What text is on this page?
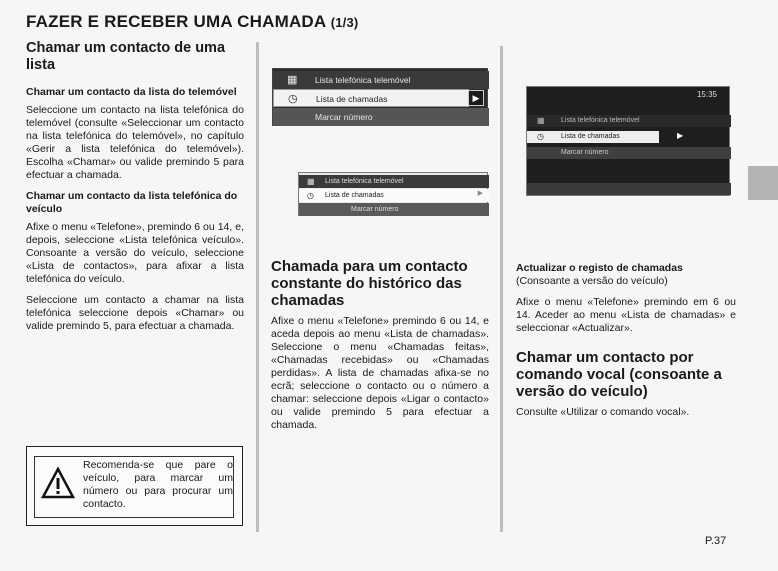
FAZER E RECEBER UMA CHAMADA (1/3)
Chamar um contacto de uma lista
Chamar um contacto da lista do telemóvel

Seleccione um contacto na lista telefónica do telemóvel (consulte «Seleccionar um contacto na lista telefónica do telemóvel», no capítulo «Gerir a lista telefónica do telemóvel»). Escolha «Chamar» ou valide premindo 5 para efectuar a chamada.

Chamar um contacto da lista telefónica do veículo

Afixe o menu «Telefone», premindo 6 ou 14, e, depois, seleccione «Lista telefónica veículo». Consoante a versão do veículo, seleccione «Lista de contactos», para afixar a lista telefónica do veículo.

Seleccione um contacto a chamar na lista telefónica seleccione depois «Chamar» ou valide premindo 5, para efectuar a chamada.

Recomenda-se que pare o veículo, para marcar um número ou para procurar um contacto.

▦ Lista telefónica telemóvel
◷ Lista de chamadas	▶
Marcar número
▦ Lista telefónica telemóvel
◷ Lista de chamadas	▶
Marcar número
Chamada para um contacto constante do histórico das chamadas

Afixe o menu «Telefone» premindo 6 ou 14, e aceda depois ao menu «Lista de chamadas». Seleccione o menu «Chamadas feitas», «Chamadas recebidas» ou «Chamadas perdidas». A lista de chamadas afixa-se no ecrã; seleccione o contacto ou o número a chamar: seleccione depois «Ligar o contacto» ou valide premindo 5 para efectuar a chamada.

15:35
▦ Lista telefónica telemóvel
◷ Lista de chamadas	▶
Marcar número
Actualizar o registo de chamadas

(Consoante a versão do veículo)

Afixe o menu «Telefone» premindo em 6 ou 14. Aceder ao menu «Lista de chamadas» e seleccionar «Actualizar».

Chamar um contacto por comando vocal (consoante a versão do veículo)

Consulte «Utilizar o comando vocal».

P.37
